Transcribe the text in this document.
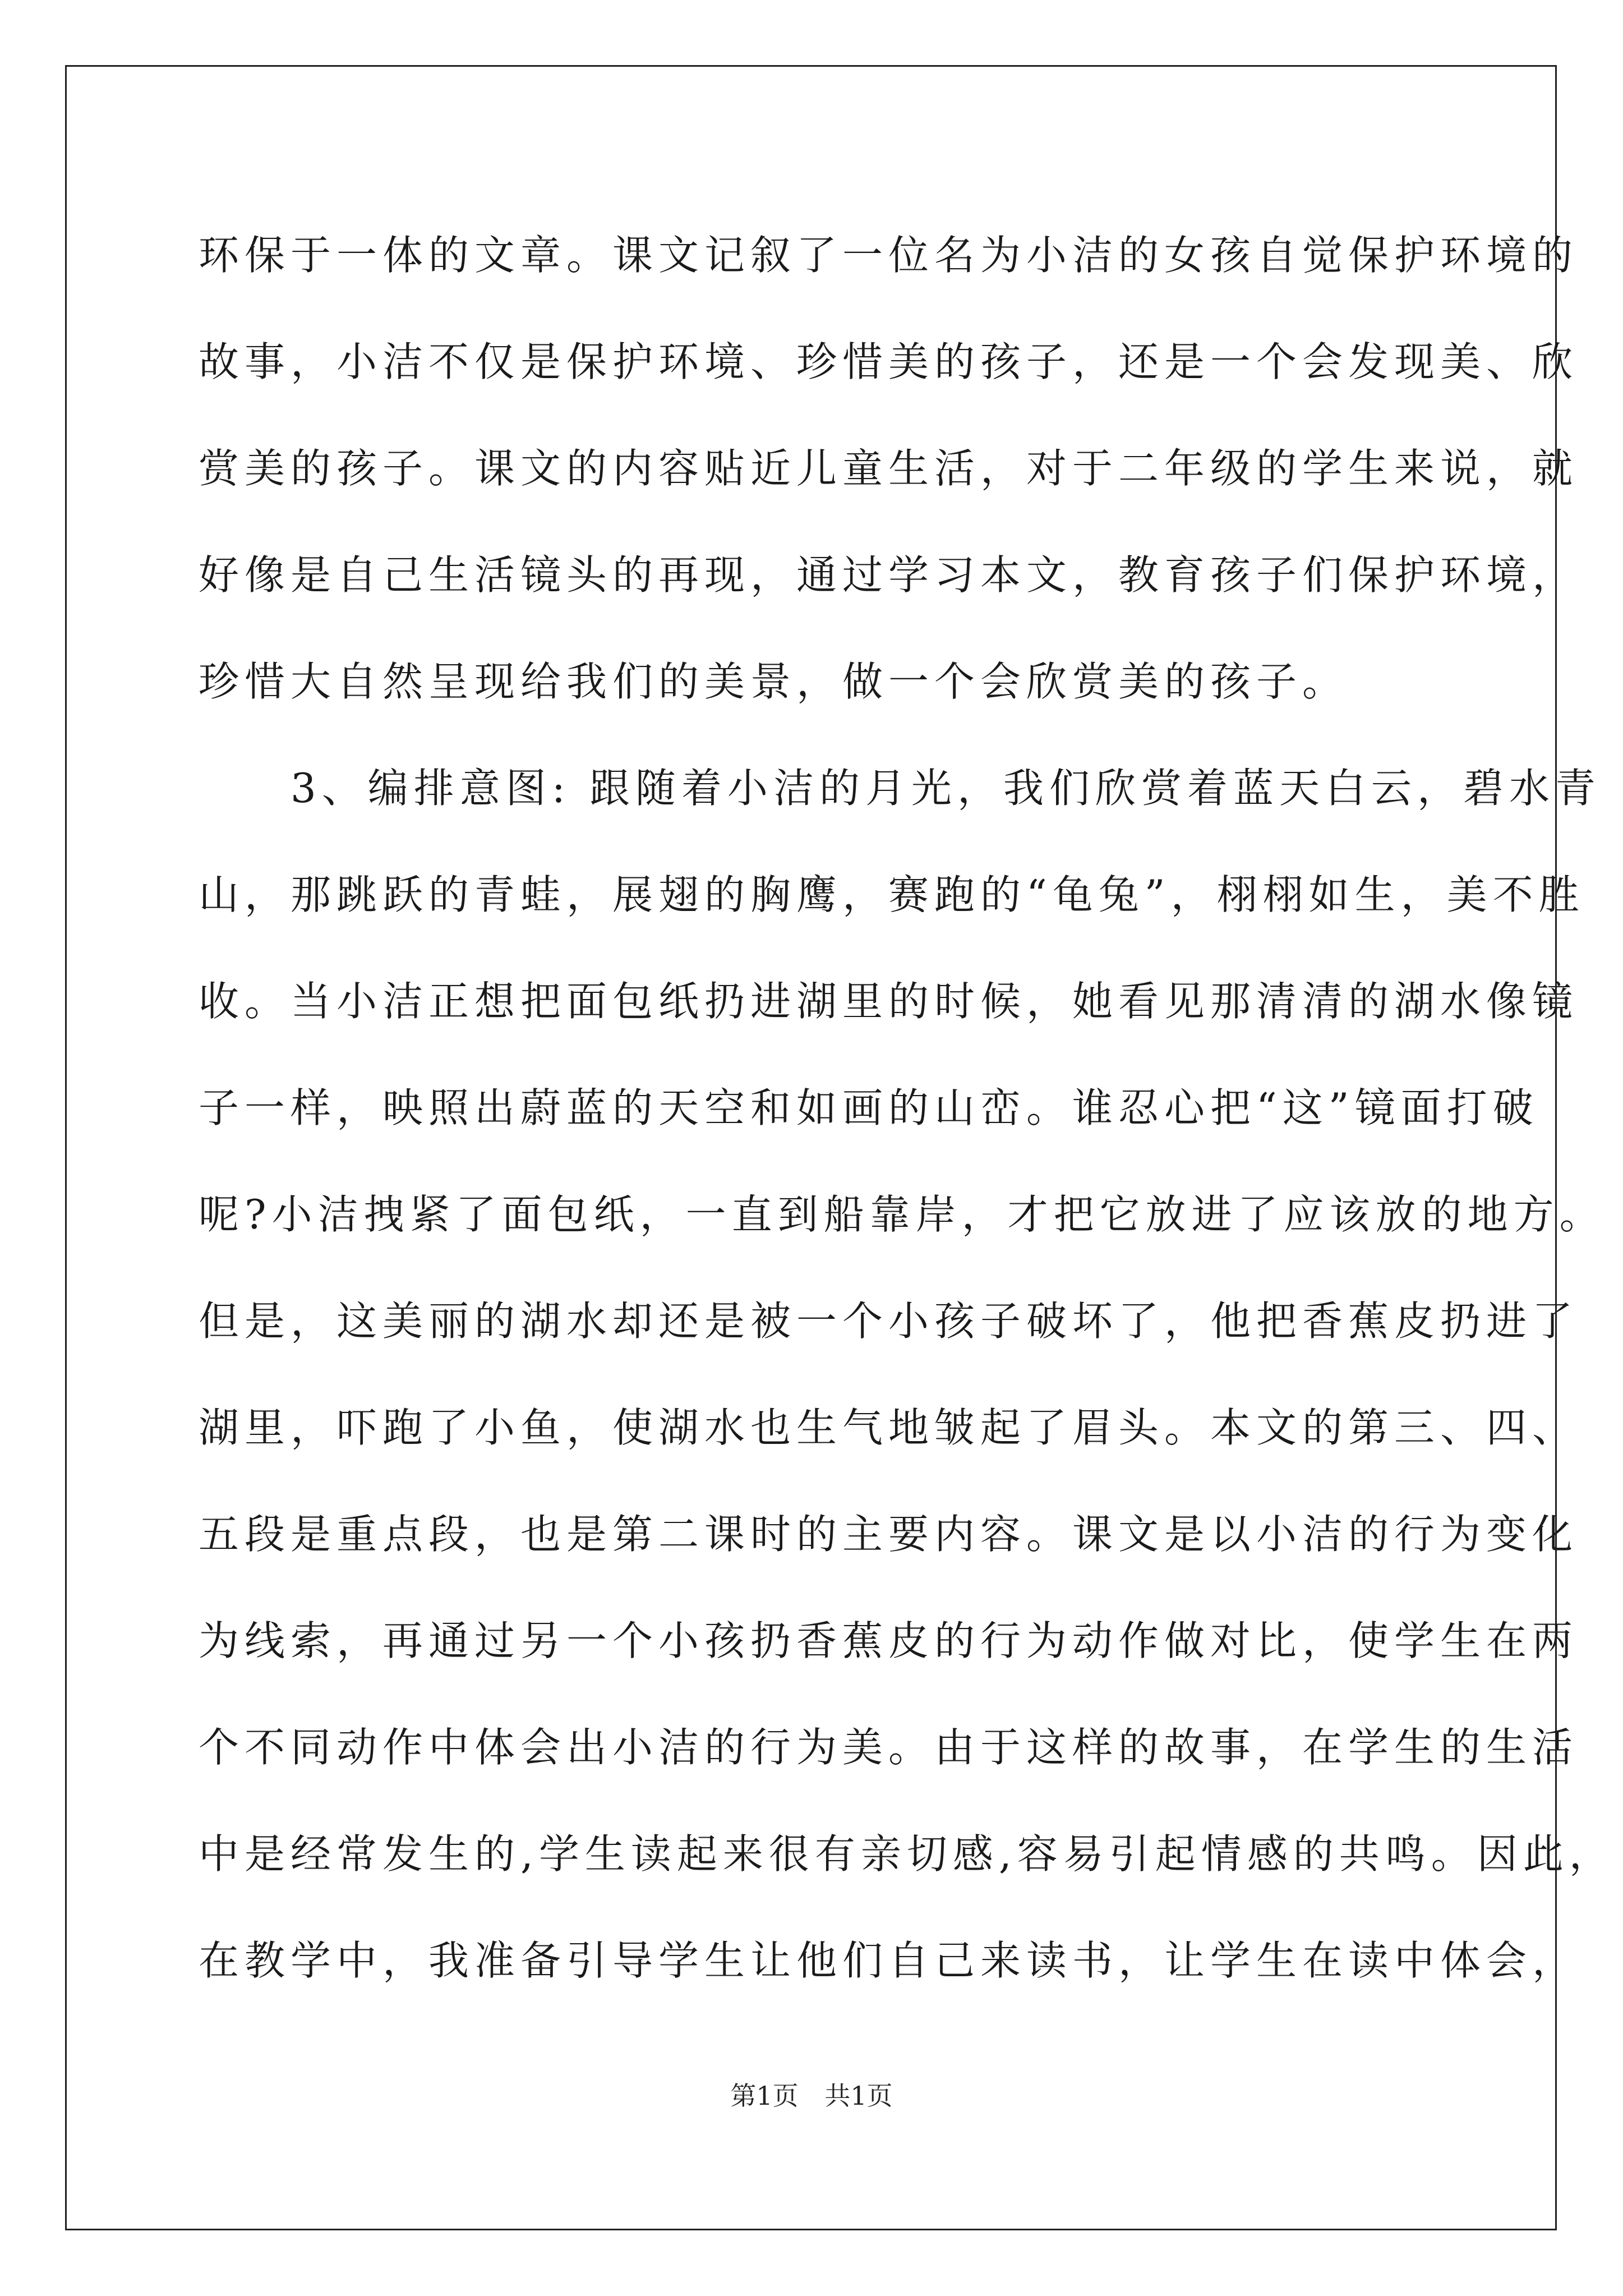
环保于一体的文章。课文记叙了一位名为小洁的女孩自觉保护环境的
故事，小洁不仅是保护环境、珍惜美的孩子，还是一个会发现美、欣
赏美的孩子。课文的内容贴近儿童生活，对于二年级的学生来说，就
好像是自己生活镜头的再现，通过学习本文，教育孩子们保护环境，
珍惜大自然呈现给我们的美景，做一个会欣赏美的孩子。
　　3、编排意图: 跟随着小洁的月光，我们欣赏着蓝天白云，碧水青
山，那跳跃的青蛙，展翅的胸鹰，赛跑的“龟兔”，栩栩如生，美不胜
收。当小洁正想把面包纸扔进湖里的时候，她看见那清清的湖水像镜
子一样，映照出蔚蓝的天空和如画的山峦。谁忍心把“这”镜面打破
呢?小洁拽紧了面包纸，一直到船靠岸，才把它放进了应该放的地方。
但是，这美丽的湖水却还是被一个小孩子破坏了，他把香蕉皮扔进了
湖里，吓跑了小鱼，使湖水也生气地皱起了眉头。本文的第三、四、
五段是重点段，也是第二课时的主要内容。课文是以小洁的行为变化
为线索，再通过另一个小孩扔香蕉皮的行为动作做对比，使学生在两
个不同动作中体会出小洁的行为美。由于这样的故事，在学生的生活
中是经常发生的,学生读起来很有亲切感,容易引起情感的共鸣。因此，
在教学中，我准备引导学生让他们自己来读书，让学生在读中体会，
第1页 共1页
